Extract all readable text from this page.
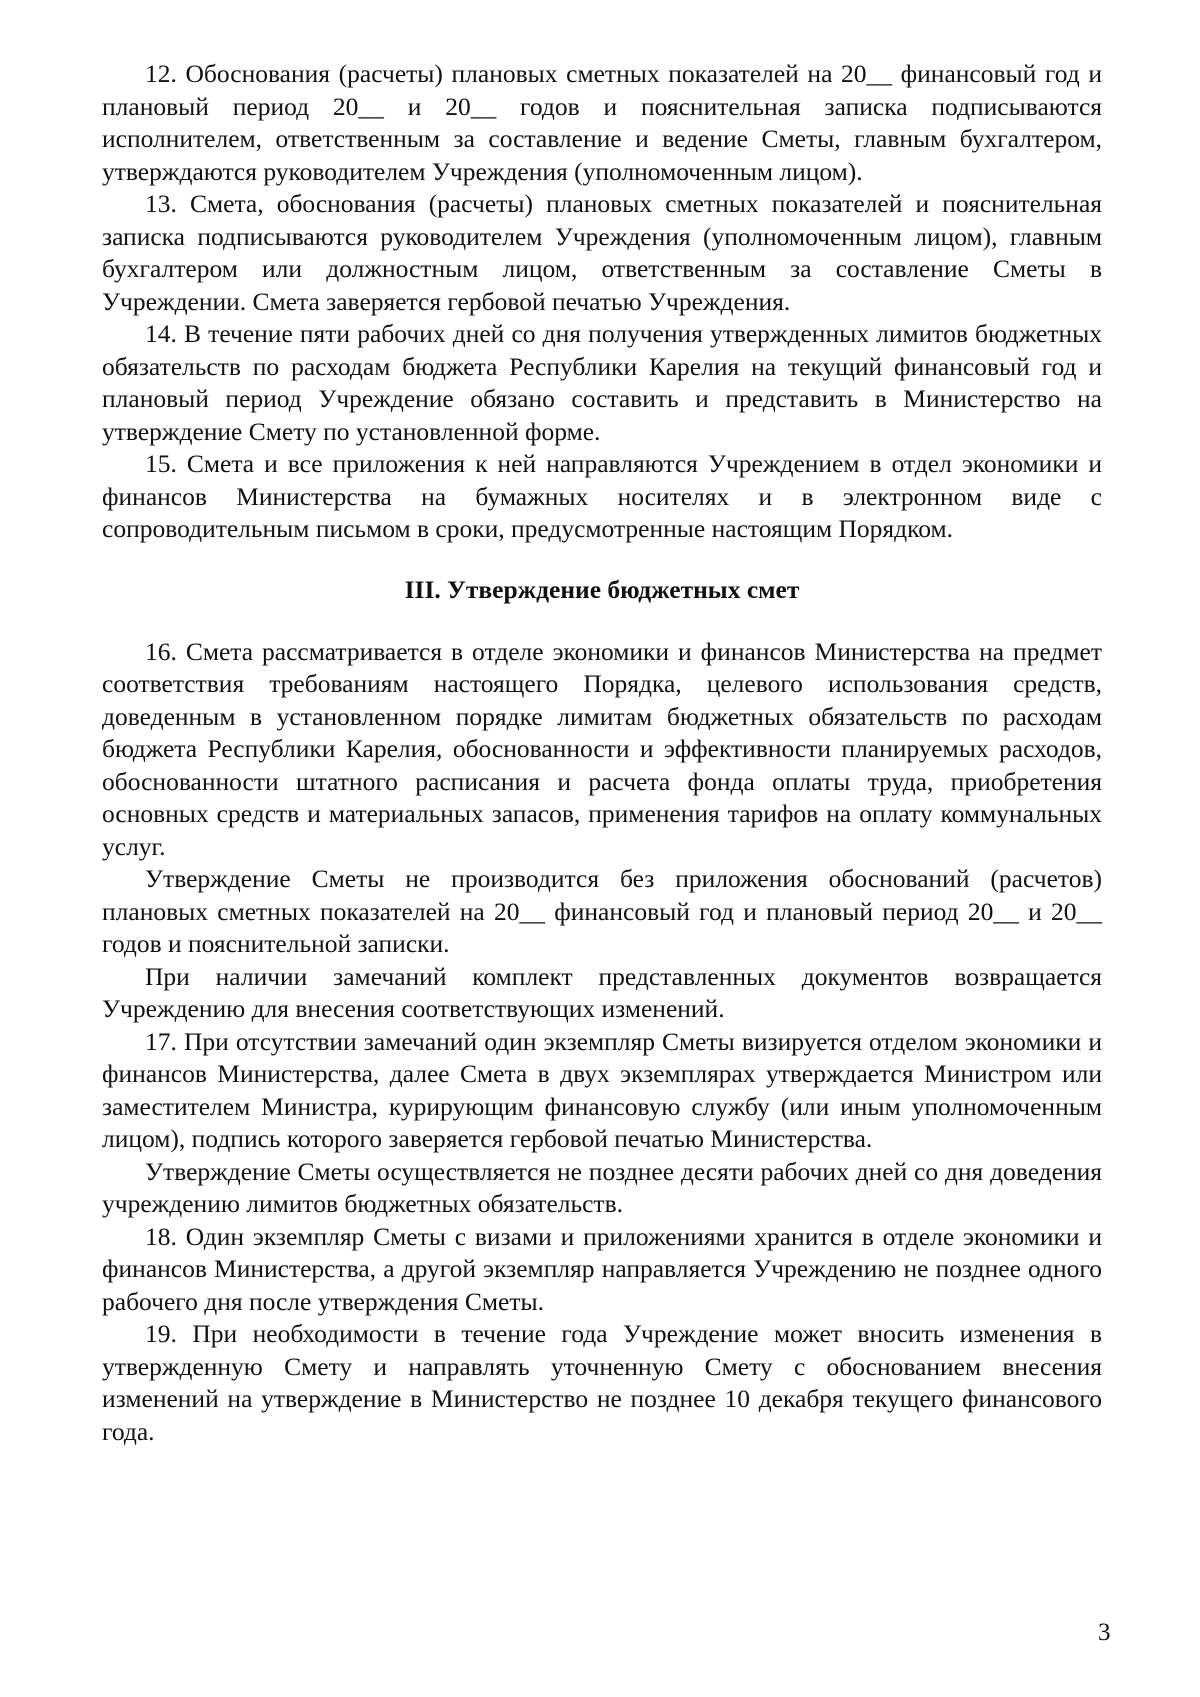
12. Обоснования (расчеты) плановых сметных показателей на 20__ финансовый год и плановый период 20__ и 20__ годов и пояснительная записка подписываются исполнителем, ответственным за составление и ведение Сметы, главным бухгалтером, утверждаются руководителем Учреждения (уполномоченным лицом).

13. Смета, обоснования (расчеты) плановых сметных показателей и пояснительная записка подписываются руководителем Учреждения (уполномоченным лицом), главным бухгалтером или должностным лицом, ответственным за составление Сметы в Учреждении. Смета заверяется гербовой печатью Учреждения.

14. В течение пяти рабочих дней со дня получения утвержденных лимитов бюджетных обязательств по расходам бюджета Республики Карелия на текущий финансовый год и плановый период Учреждение обязано составить и представить в Министерство на утверждение Смету по установленной форме.

15. Смета и все приложения к ней направляются Учреждением в отдел экономики и финансов Министерства на бумажных носителях и в электронном виде с сопроводительным письмом в сроки, предусмотренные настоящим Порядком.

III. Утверждение бюджетных смет

16. Смета рассматривается в отделе экономики и финансов Министерства на предмет соответствия требованиям настоящего Порядка, целевого использования средств, доведенным в установленном порядке лимитам бюджетных обязательств по расходам бюджета Республики Карелия, обоснованности и эффективности планируемых расходов, обоснованности штатного расписания и расчета фонда оплаты труда, приобретения основных средств и материальных запасов, применения тарифов на оплату коммунальных услуг.

Утверждение Сметы не производится без приложения обоснований (расчетов) плановых сметных показателей на 20__ финансовый год и плановый период 20__ и 20__ годов и пояснительной записки.

При наличии замечаний комплект представленных документов возвращается Учреждению для внесения соответствующих изменений.

17. При отсутствии замечаний один экземпляр Сметы визируется отделом экономики и финансов Министерства, далее Смета в двух экземплярах утверждается Министром или заместителем Министра, курирующим финансовую службу (или иным уполномоченным лицом), подпись которого заверяется гербовой печатью Министерства.

Утверждение Сметы осуществляется не позднее десяти рабочих дней со дня доведения учреждению лимитов бюджетных обязательств.

18. Один экземпляр Сметы с визами и приложениями хранится в отделе экономики и финансов Министерства, а другой экземпляр направляется Учреждению не позднее одного рабочего дня после утверждения Сметы.

19. При необходимости в течение года Учреждение может вносить изменения в утвержденную Смету и направлять уточненную Смету с обоснованием внесения изменений на утверждение в Министерство не позднее 10 декабря текущего финансового года.

3
